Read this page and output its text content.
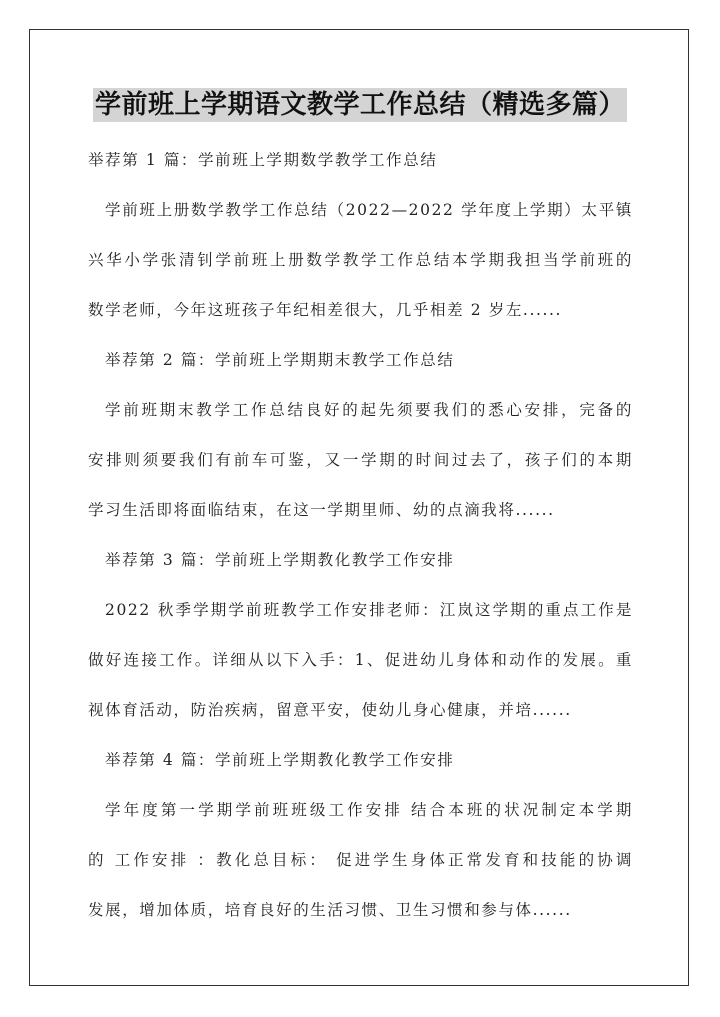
学前班上学期语文教学工作总结（精选多篇）
举荐第 1 篇：学前班上学期数学教学工作总结
学前班上册数学教学工作总结（2022—2022 学年度上学期）太平镇
兴华小学张清钊学前班上册数学教学工作总结本学期我担当学前班的
数学老师，今年这班孩子年纪相差很大，几乎相差 2 岁左......
举荐第 2 篇：学前班上学期期末教学工作总结
学前班期末教学工作总结良好的起先须要我们的悉心安排，完备的
安排则须要我们有前车可鉴，又一学期的时间过去了，孩子们的本期
学习生活即将面临结束，在这一学期里师、幼的点滴我将......
举荐第 3 篇：学前班上学期教化教学工作安排
2022 秋季学期学前班教学工作安排老师：江岚这学期的重点工作是
做好连接工作。详细从以下入手：1、促进幼儿身体和动作的发展。重
视体育活动，防治疾病，留意平安，使幼儿身心健康，并培......
举荐第 4 篇：学前班上学期教化教学工作安排
学年度第一学期学前班班级工作安排 结合本班的状况制定本学期
的 工作安排 ：教化总目标： 促进学生身体正常发育和技能的协调
发展，增加体质，培育良好的生活习惯、卫生习惯和参与体......
